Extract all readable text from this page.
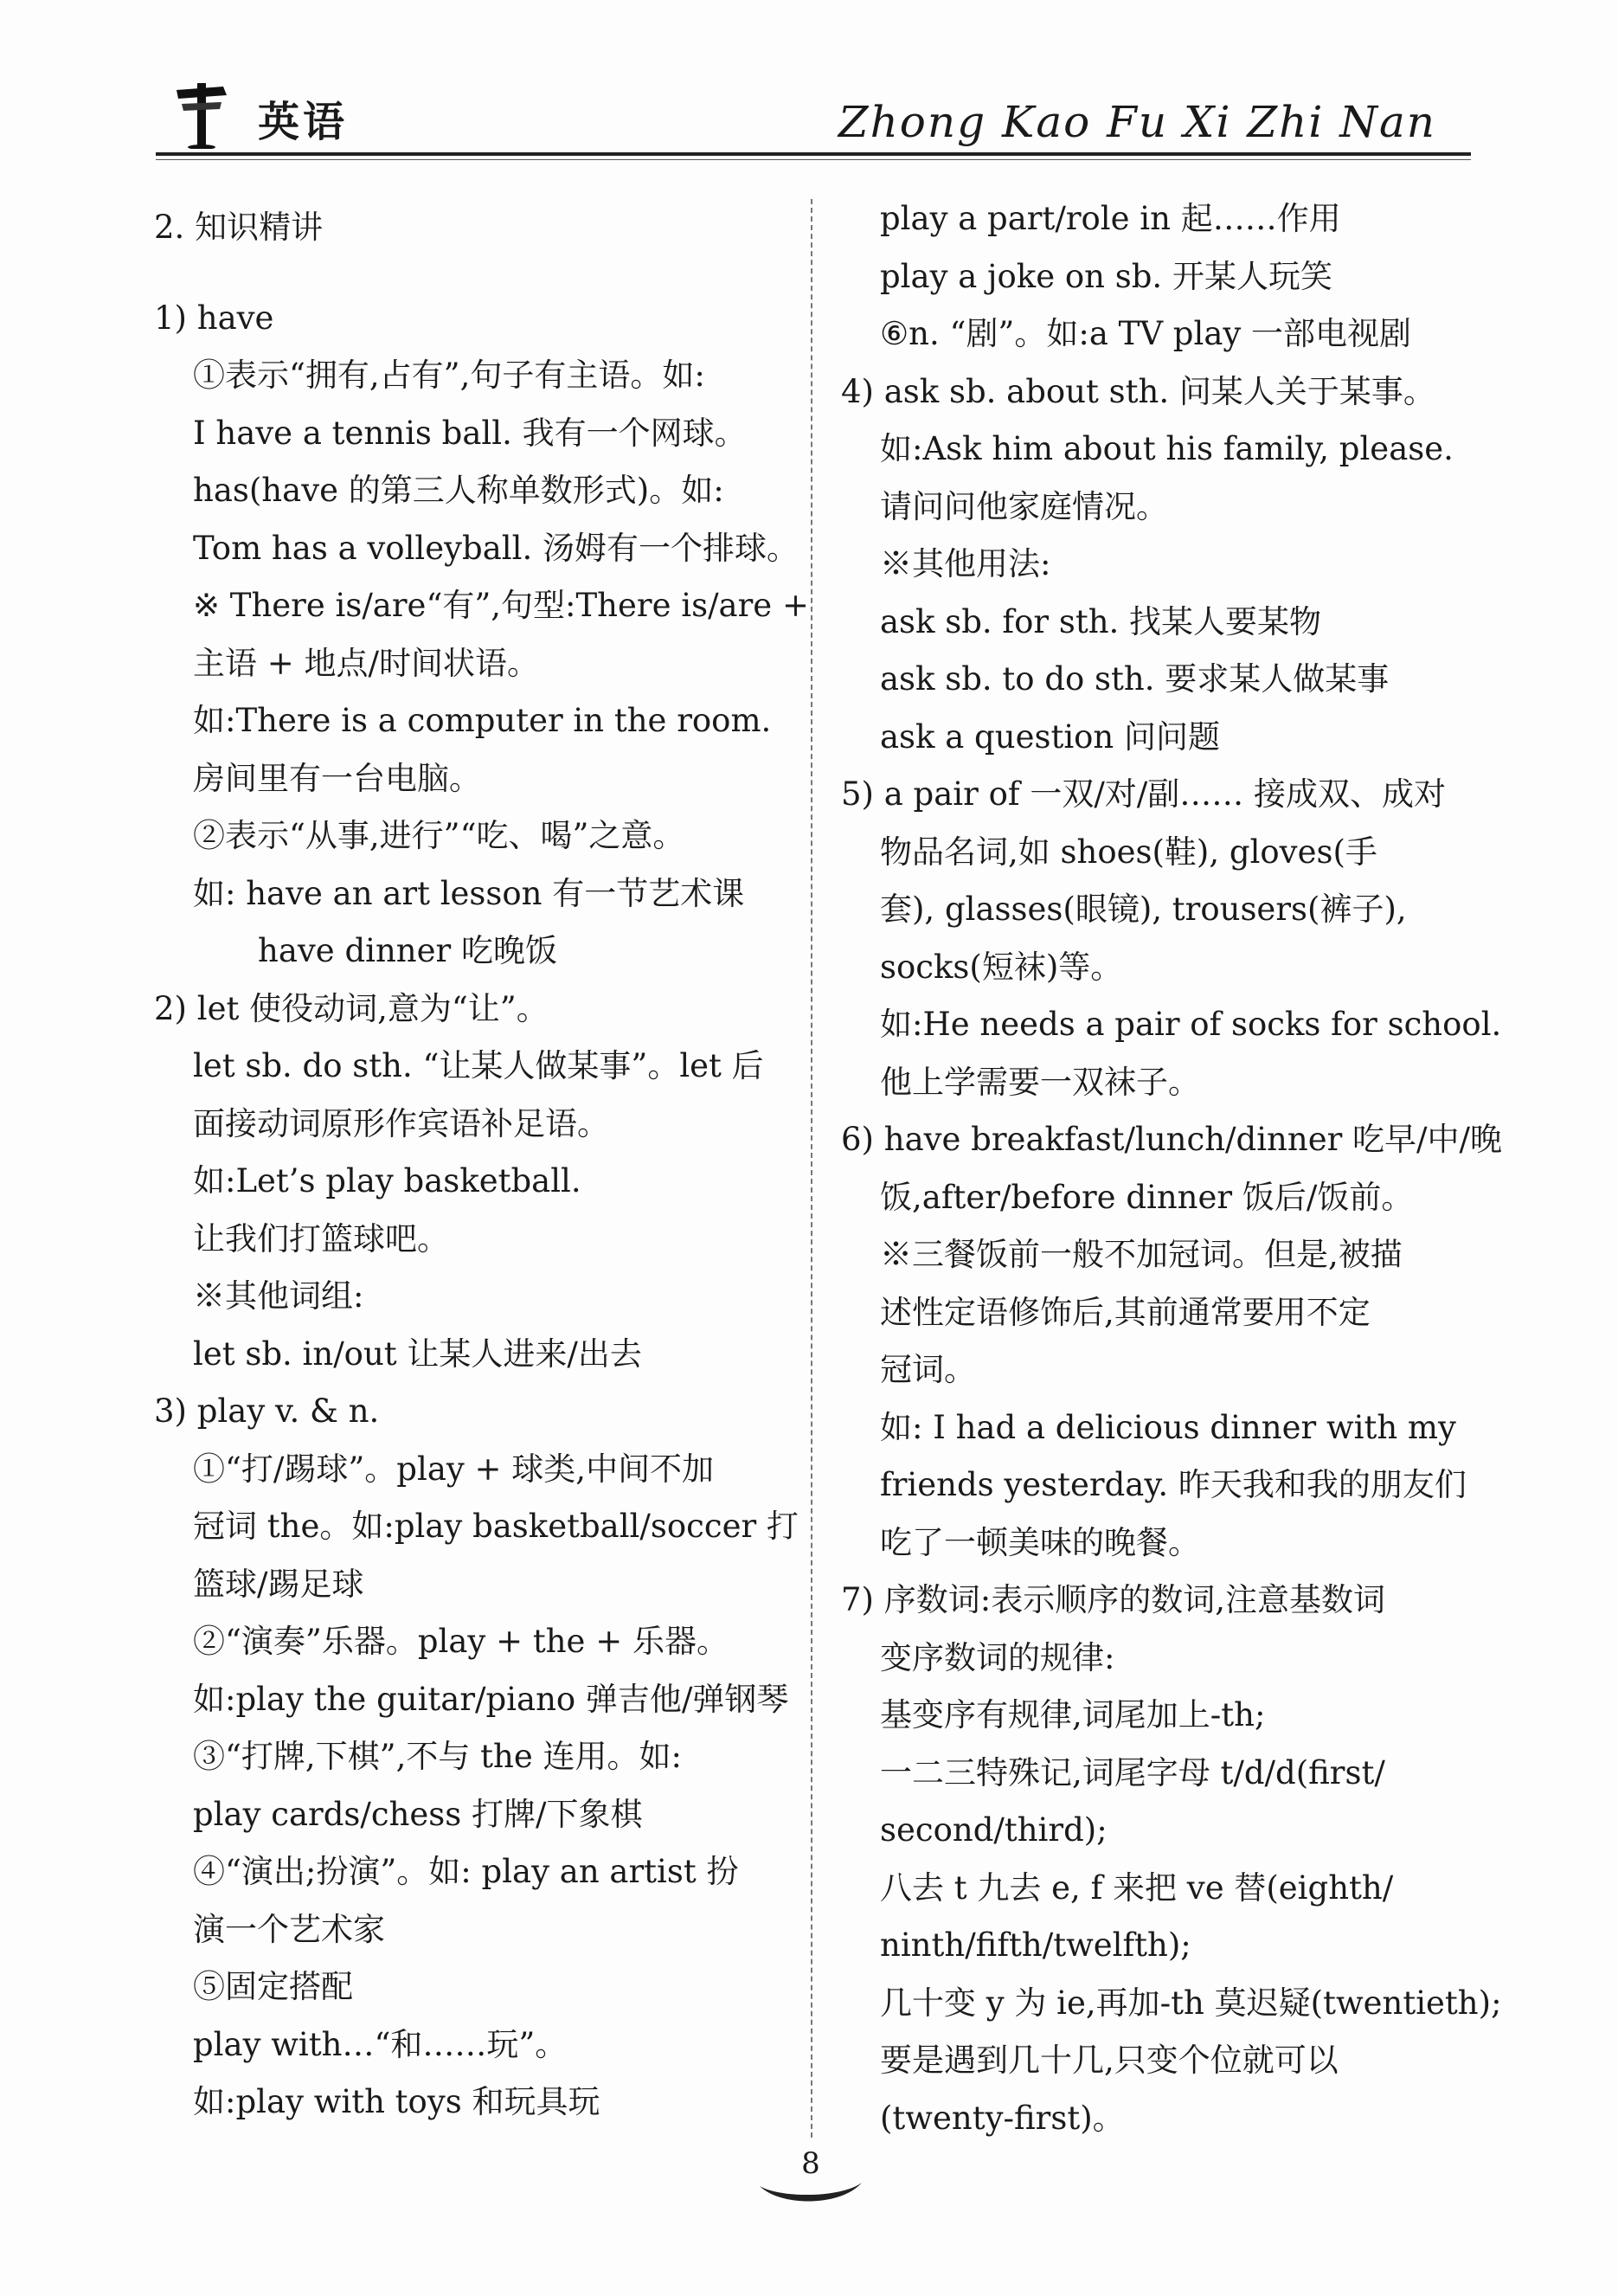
英语	Zhong Kao Fu Xi Zhi Nan
2. 知识精讲
1) have
①表示“拥有,占有”,句子有主语。如:
I have a tennis ball. 我有一个网球。
has(have 的第三人称单数形式)。如:
Tom has a volleyball. 汤姆有一个排球。
※ There is/are“有”,句型:There is/are +
主语 + 地点/时间状语。
如:There is a computer in the room.
房间里有一台电脑。
②表示“从事,进行”“吃、喝”之意。
如: have an art lesson 有一节艺术课
have dinner 吃晚饭
2) let 使役动词,意为“让”。
let sb. do sth. “让某人做某事”。let 后
面接动词原形作宾语补足语。
如:Let’s play basketball.
让我们打篮球吧。
※其他词组:
let sb. in/out 让某人进来/出去
3) play v. & n.
①“打/踢球”。play + 球类,中间不加
冠词 the。如:play basketball/soccer 打
篮球/踢足球
②“演奏”乐器。play + the + 乐器。
如:play the guitar/piano 弹吉他/弹钢琴
③“打牌,下棋”,不与 the 连用。如:
play cards/chess 打牌/下象棋
④“演出;扮演”。如: play an artist 扮
演一个艺术家
⑤固定搭配
play with…“和……玩”。
如:play with toys 和玩具玩
play a part/role in 起……作用
play a joke on sb. 开某人玩笑
⑥n. “剧”。如:a TV play 一部电视剧
4) ask sb. about sth. 问某人关于某事。
如:Ask him about his family, please.
请问问他家庭情况。
※其他用法:
ask sb. for sth. 找某人要某物
ask sb. to do sth. 要求某人做某事
ask a question 问问题
5) a pair of 一双/对/副…… 接成双、成对
物品名词,如 shoes(鞋), gloves(手
套), glasses(眼镜), trousers(裤子),
socks(短袜)等。
如:He needs a pair of socks for school.
他上学需要一双袜子。
6) have breakfast/lunch/dinner 吃早/中/晚
饭,after/before dinner 饭后/饭前。
※三餐饭前一般不加冠词。但是,被描
述性定语修饰后,其前通常要用不定
冠词。
如: I had a delicious dinner with my
friends yesterday. 昨天我和我的朋友们
吃了一顿美味的晚餐。
7) 序数词:表示顺序的数词,注意基数词
变序数词的规律:
基变序有规律,词尾加上-th;
一二三特殊记,词尾字母 t/d/d(first/
second/third);
八去 t 九去 e, f 来把 ve 替(eighth/
ninth/fifth/twelfth);
几十变 y 为 ie,再加-th 莫迟疑(twentieth);
要是遇到几十几,只变个位就可以
(twenty-first)。
8
